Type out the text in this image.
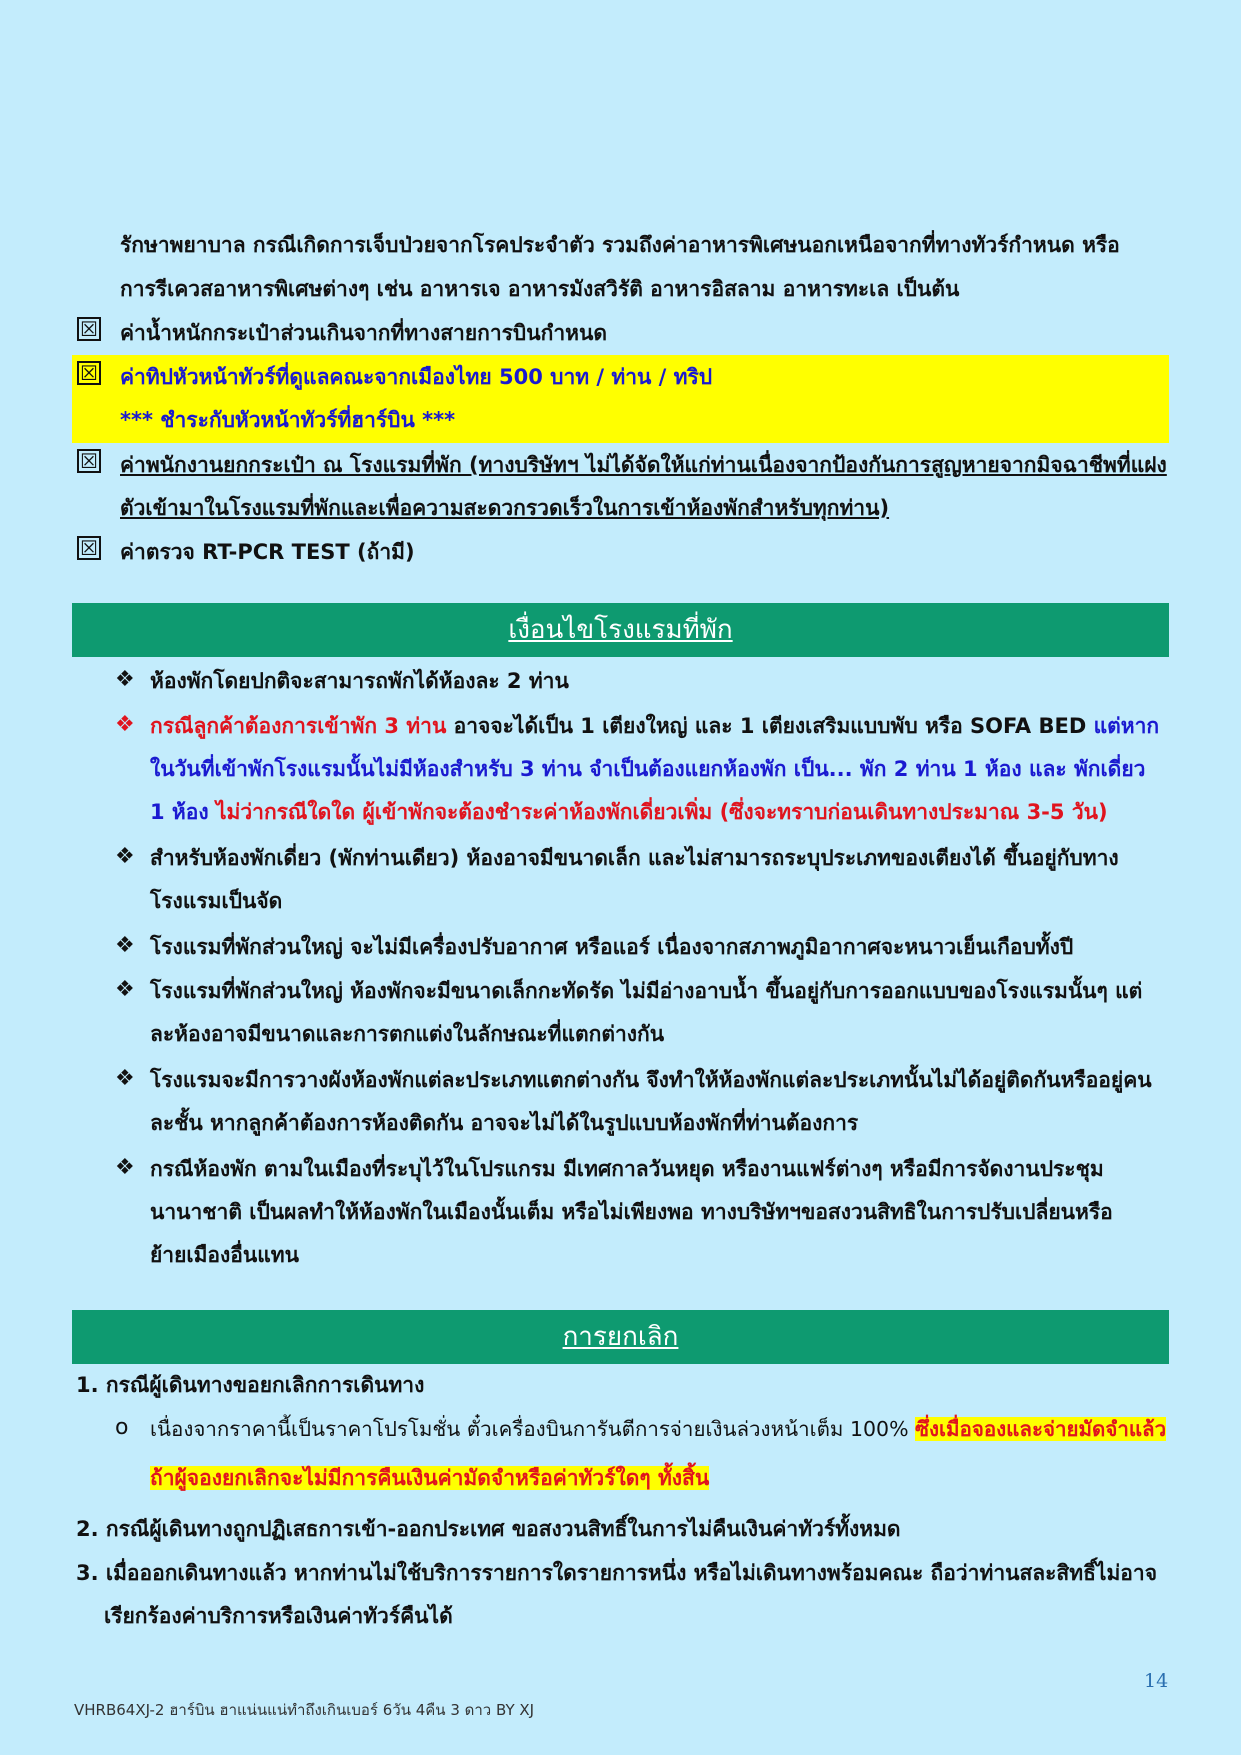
รักษาพยาบาล กรณีเกิดการเจ็บป่วยจากโรคประจำตัว รวมถึงค่าอาหารพิเศษนอกเหนือจากที่ทางทัวร์กำหนด หรือ
การรีเควสอาหารพิเศษต่างๆ เช่น อาหารเจ อาหารมังสวิรัติ อาหารอิสลาม อาหารทะเล เป็นต้น
☒ ค่าน้ำหนักกระเป๋าส่วนเกินจากที่ทางสายการบินกำหนด
☒ ค่าทิปหัวหน้าทัวร์ที่ดูแลคณะจากเมืองไทย 500 บาท / ท่าน / ทริป
*** ชำระกับหัวหน้าทัวร์ที่ฮาร์บิน ***
☒ ค่าพนักงานยกกระเป๋า ณ โรงแรมที่พัก (ทางบริษัทฯ ไม่ได้จัดให้แก่ท่านเนื่องจากป้องกันการสูญหายจากมิจฉาชีพที่แฝง
ตัวเข้ามาในโรงแรมที่พักและเพื่อความสะดวกรวดเร็วในการเข้าห้องพักสำหรับทุกท่าน)
☒ ค่าตรวจ RT-PCR TEST (ถ้ามี)
เงื่อนไขโรงแรมที่พัก
❖ ห้องพักโดยปกติจะสามารถพักได้ห้องละ 2 ท่าน
❖ กรณีลูกค้าต้องการเข้าพัก 3 ท่าน อาจจะได้เป็น 1 เตียงใหญ่ และ 1 เตียงเสริมแบบพับ หรือ SOFA BED แต่หาก
ในวันที่เข้าพักโรงแรมนั้นไม่มีห้องสำหรับ 3 ท่าน จำเป็นต้องแยกห้องพัก เป็น... พัก 2 ท่าน 1 ห้อง และ พักเดี่ยว
1 ห้อง ไม่ว่ากรณีใดใด ผู้เข้าพักจะต้องชำระค่าห้องพักเดี่ยวเพิ่ม (ซึ่งจะทราบก่อนเดินทางประมาณ 3-5 วัน)
❖ สำหรับห้องพักเดี่ยว (พักท่านเดียว) ห้องอาจมีขนาดเล็ก และไม่สามารถระบุประเภทของเตียงได้ ขึ้นอยู่กับทาง
โรงแรมเป็นจัด
❖ โรงแรมที่พักส่วนใหญ่ จะไม่มีเครื่องปรับอากาศ หรือแอร์ เนื่องจากสภาพภูมิอากาศจะหนาวเย็นเกือบทั้งปี
❖ โรงแรมที่พักส่วนใหญ่ ห้องพักจะมีขนาดเล็กกะทัดรัด ไม่มีอ่างอาบน้ำ ขึ้นอยู่กับการออกแบบของโรงแรมนั้นๆ แต่
ละห้องอาจมีขนาดและการตกแต่งในลักษณะที่แตกต่างกัน
❖ โรงแรมจะมีการวางผังห้องพักแต่ละประเภทแตกต่างกัน จึงทำให้ห้องพักแต่ละประเภทนั้นไม่ได้อยู่ติดกันหรืออยู่คน
ละชั้น หากลูกค้าต้องการห้องติดกัน อาจจะไม่ได้ในรูปแบบห้องพักที่ท่านต้องการ
❖ กรณีห้องพัก ตามในเมืองที่ระบุไว้ในโปรแกรม มีเทศกาลวันหยุด หรืองานแฟร์ต่างๆ หรือมีการจัดงานประชุม
นานาชาติ เป็นผลทำให้ห้องพักในเมืองนั้นเต็ม หรือไม่เพียงพอ ทางบริษัทฯขอสงวนสิทธิในการปรับเปลี่ยนหรือ
ย้ายเมืองอื่นแทน
การยกเลิก
1. กรณีผู้เดินทางขอยกเลิกการเดินทาง
o เนื่องจากราคานี้เป็นราคาโปรโมชั่น ตั๋วเครื่องบินการันตีการจ่ายเงินล่วงหน้าเต็ม 100% ซึ่งเมื่อจองและจ่ายมัดจำแล้ว
ถ้าผู้จองยกเลิกจะไม่มีการคืนเงินค่ามัดจำหรือค่าทัวร์ใดๆ ทั้งสิ้น
2. กรณีผู้เดินทางถูกปฏิเสธการเข้า-ออกประเทศ ขอสงวนสิทธิ์ในการไม่คืนเงินค่าทัวร์ทั้งหมด
3. เมื่อออกเดินทางแล้ว หากท่านไม่ใช้บริการรายการใดรายการหนึ่ง หรือไม่เดินทางพร้อมคณะ ถือว่าท่านสละสิทธิ์ไม่อาจ
เรียกร้องค่าบริการหรือเงินค่าทัวร์คืนได้
14
VHRB64XJ-2 ฮาร์บิน ฮาแน่นแน่ทำถึงเกินเบอร์ 6วัน 4คืน 3 ดาว BY XJ
